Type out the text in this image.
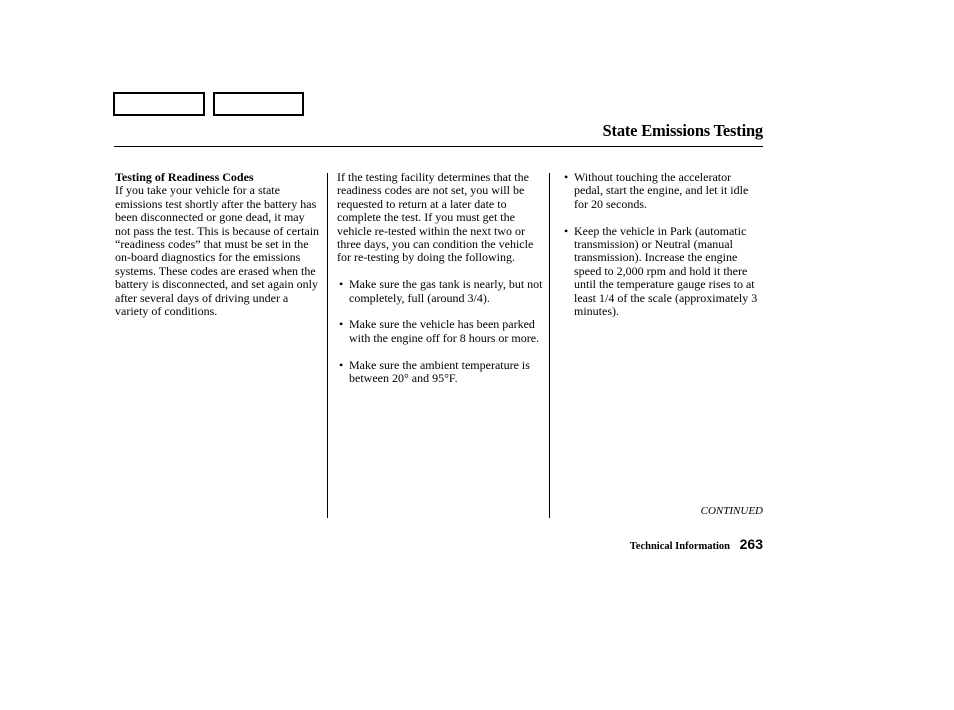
State Emissions Testing
Testing of Readiness Codes

If you take your vehicle for a state emissions test shortly after the battery has been disconnected or gone dead, it may not pass the test. This is because of certain “readiness codes” that must be set in the on-board diagnostics for the emissions systems. These codes are erased when the battery is disconnected, and set again only after several days of driving under a variety of conditions.

If the testing facility determines that the readiness codes are not set, you will be requested to return at a later date to complete the test. If you must get the vehicle re-tested within the next two or three days, you can condition the vehicle for re-testing by doing the following.

• Make sure the gas tank is nearly, but not completely, full (around 3/4).
• Make sure the vehicle has been parked with the engine off for 8 hours or more.
• Make sure the ambient temperature is between 20° and 95°F.
• Without touching the accelerator pedal, start the engine, and let it idle for 20 seconds.
• Keep the vehicle in Park (automatic transmission) or Neutral (manual transmission). Increase the engine speed to 2,000 rpm and hold it there until the temperature gauge rises to at least 1/4 of the scale (approximately 3 minutes).
CONTINUED
Technical Information 263
